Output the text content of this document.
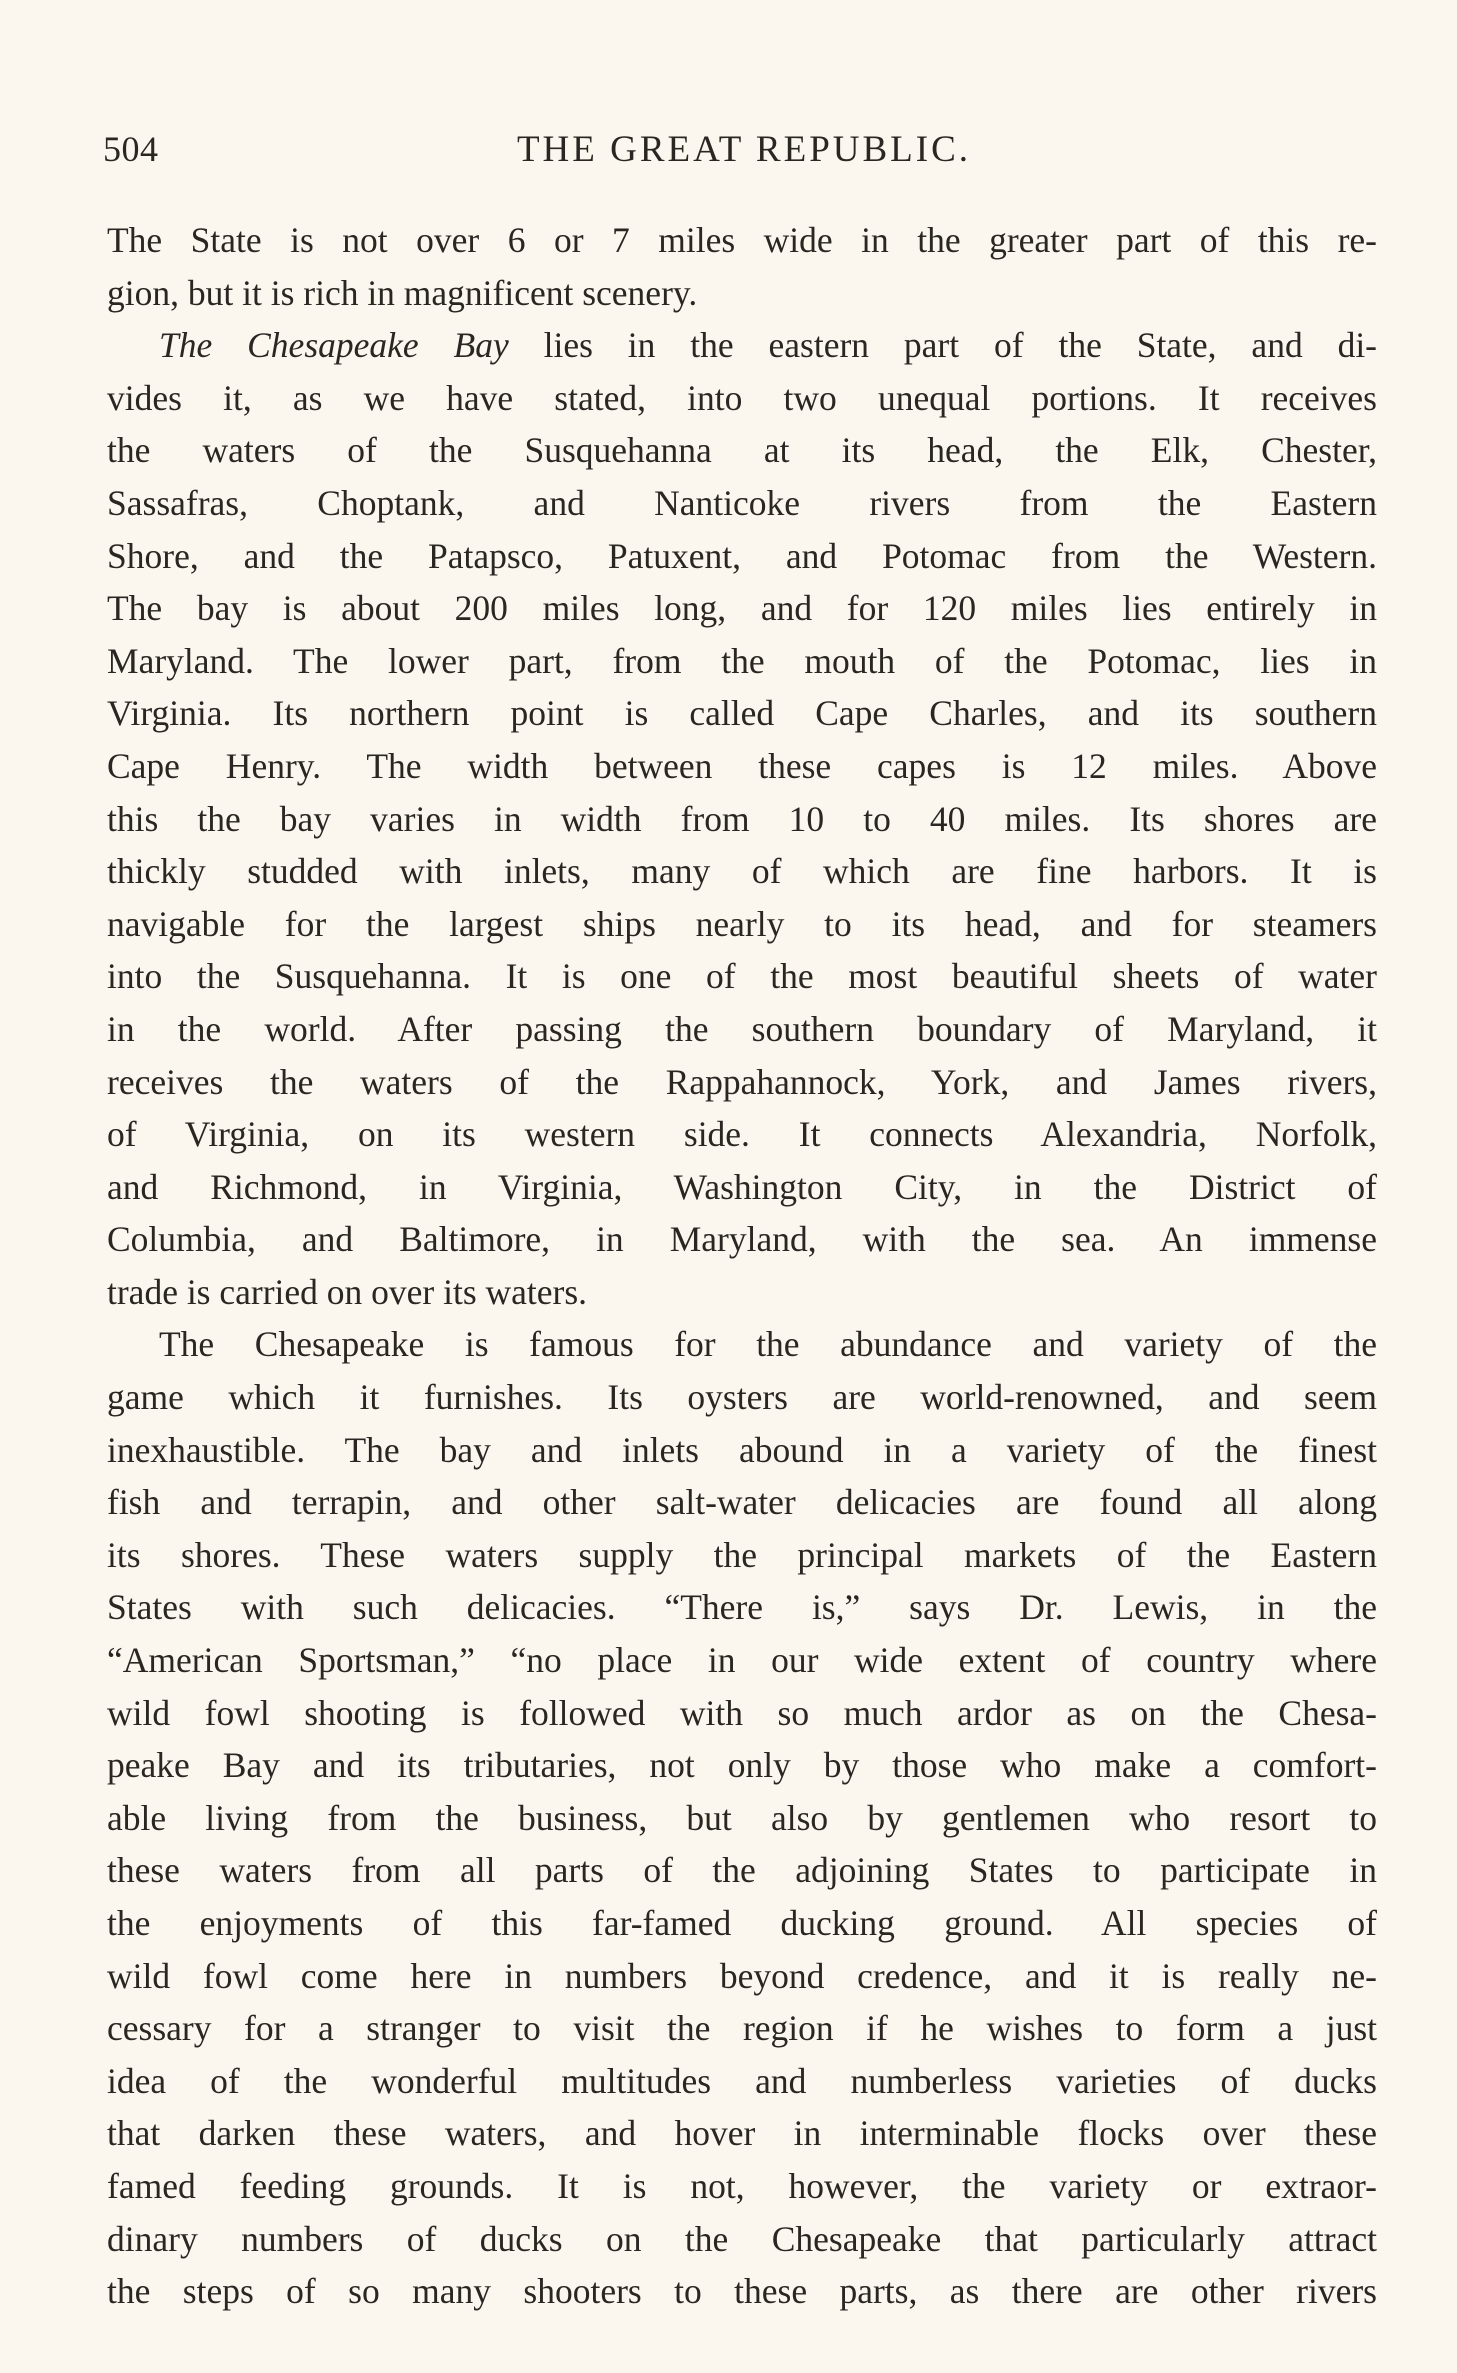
504	THE GREAT REPUBLIC.
The State is not over 6 or 7 miles wide in the greater part of this re-
gion, but it is rich in magnificent scenery.
The Chesapeake Bay lies in the eastern part of the State, and di-
vides it, as we have stated, into two unequal portions. It receives
the waters of the Susquehanna at its head, the Elk, Chester,
Sassafras, Choptank, and Nanticoke rivers from the Eastern
Shore, and the Patapsco, Patuxent, and Potomac from the Western.
The bay is about 200 miles long, and for 120 miles lies entirely in
Maryland. The lower part, from the mouth of the Potomac, lies in
Virginia. Its northern point is called Cape Charles, and its southern
Cape Henry. The width between these capes is 12 miles. Above
this the bay varies in width from 10 to 40 miles. Its shores are
thickly studded with inlets, many of which are fine harbors. It is
navigable for the largest ships nearly to its head, and for steamers
into the Susquehanna. It is one of the most beautiful sheets of water
in the world. After passing the southern boundary of Maryland, it
receives the waters of the Rappahannock, York, and James rivers,
of Virginia, on its western side. It connects Alexandria, Norfolk,
and Richmond, in Virginia, Washington City, in the District of
Columbia, and Baltimore, in Maryland, with the sea. An immense
trade is carried on over its waters.
The Chesapeake is famous for the abundance and variety of the
game which it furnishes. Its oysters are world-renowned, and seem
inexhaustible. The bay and inlets abound in a variety of the finest
fish and terrapin, and other salt-water delicacies are found all along
its shores. These waters supply the principal markets of the Eastern
States with such delicacies. “There is,” says Dr. Lewis, in the
“American Sportsman,” “no place in our wide extent of country where
wild fowl shooting is followed with so much ardor as on the Chesa-
peake Bay and its tributaries, not only by those who make a comfort-
able living from the business, but also by gentlemen who resort to
these waters from all parts of the adjoining States to participate in
the enjoyments of this far-famed ducking ground. All species of
wild fowl come here in numbers beyond credence, and it is really ne-
cessary for a stranger to visit the region if he wishes to form a just
idea of the wonderful multitudes and numberless varieties of ducks
that darken these waters, and hover in interminable flocks over these
famed feeding grounds. It is not, however, the variety or extraor-
dinary numbers of ducks on the Chesapeake that particularly attract
the steps of so many shooters to these parts, as there are other rivers
